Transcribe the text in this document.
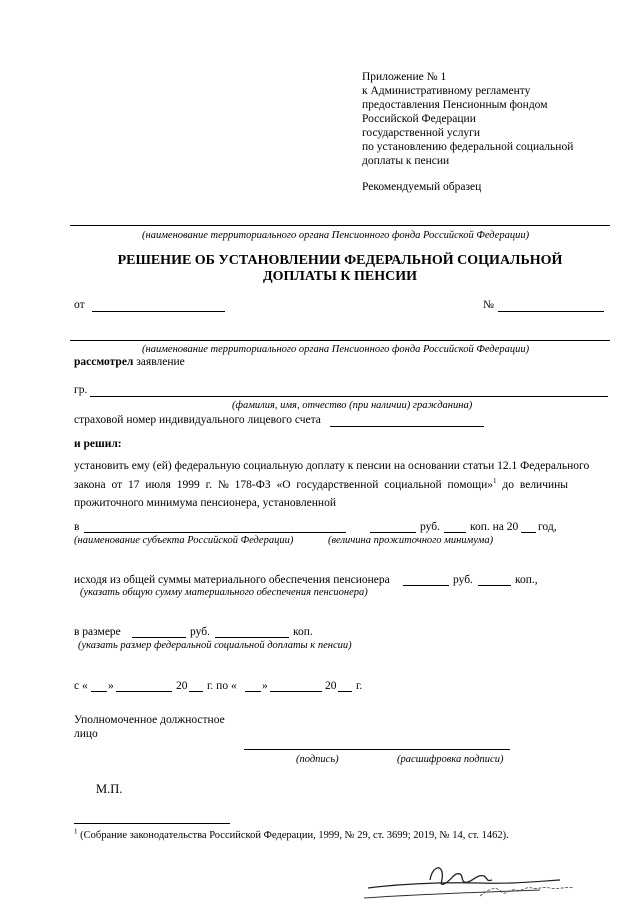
Приложение № 1
к Административному регламенту
предоставления Пенсионным фондом
Российской Федерации
государственной услуги
по установлению федеральной социальной
доплаты к пенсии
Рекомендуемый образец
(наименование территориального органа Пенсионного фонда Российской Федерации)
РЕШЕНИЕ ОБ УСТАНОВЛЕНИИ ФЕДЕРАЛЬНОЙ СОЦИАЛЬНОЙ
ДОПЛАТЫ К ПЕНСИИ
от	№
(наименование территориального органа Пенсионного фонда Российской Федерации)
рассмотрел заявление
гр.
(фамилия, имя, отчество (при наличии) гражданина)
страховой номер индивидуального лицевого счета
и решил:
установить ему (ей) федеральную социальную доплату к пенсии на основании статьи 12.1 Федерального
закона от 17 июля 1999 г. № 178-ФЗ «О государственной социальной помощи»$^1$ до величины
прожиточного минимума пенсионера, установленной
в	руб.	коп. на 20 год,
(наименование субъекта Российской Федерации)	(величина прожиточного минимума)
исходя из общей суммы материального обеспечения пенсионера	руб.	коп.,
(указать общую сумму материального обеспечения пенсионера)
в размере	руб.	коп.
(указать размер федеральной социальной доплаты к пенсии)
с « »	20 г. по « »	20 г.
Уполномоченное должностное
лицо
(подпись)	(расшифровка подписи)
М.П.
$^1$ (Собрание законодательства Российской Федерации, 1999, № 29, ст. 3699; 2019, № 14, ст. 1462).
